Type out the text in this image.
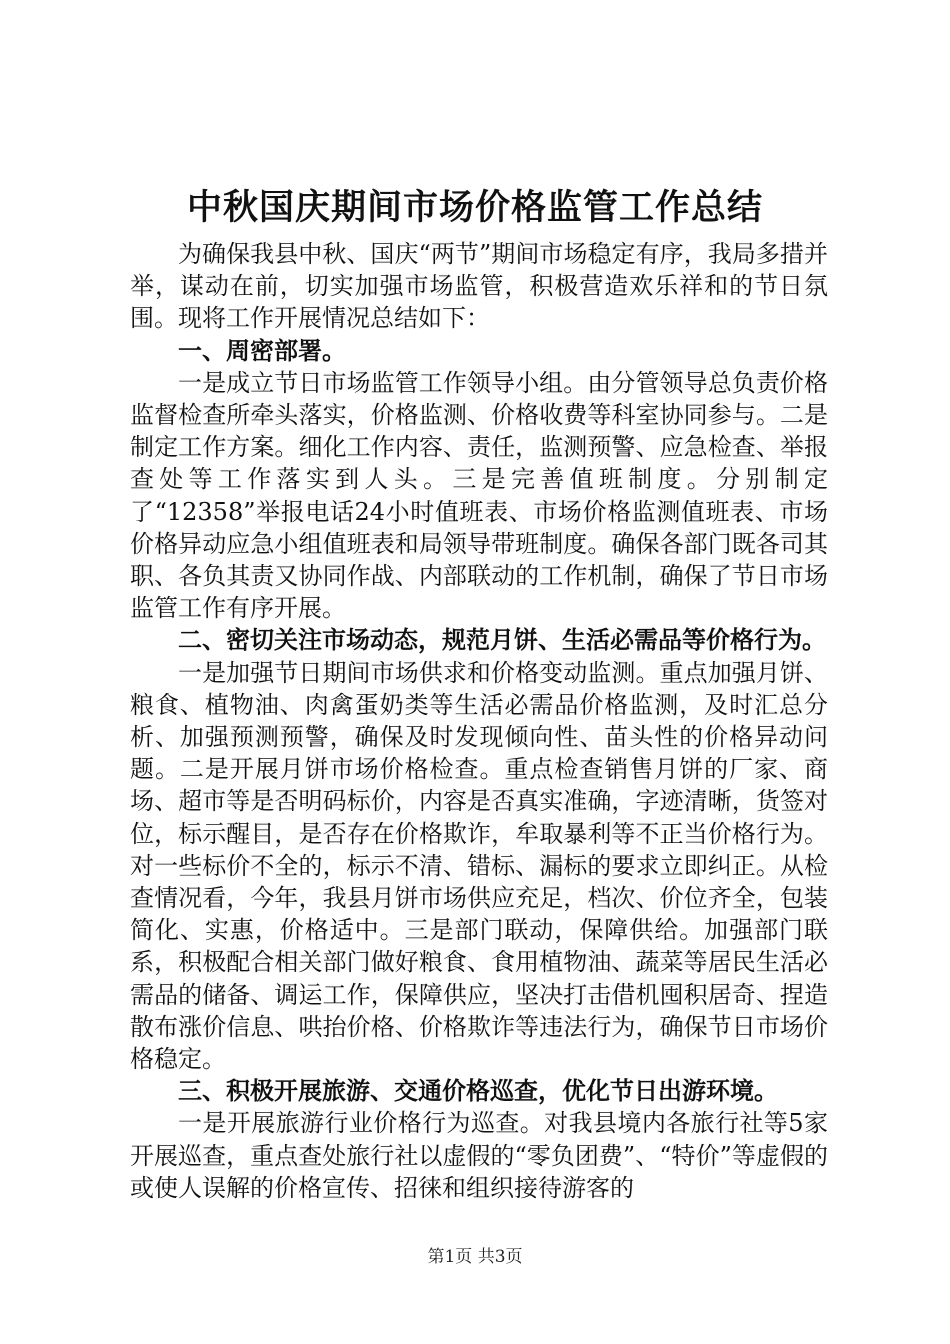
中秋国庆期间市场价格监管工作总结

为确保我县中秋、国庆“两节”期间市场稳定有序，我局多措并举，谋动在前，切实加强市场监管，积极营造欢乐祥和的节日氛围。现将工作开展情况总结如下：

一、周密部署。

一是成立节日市场监管工作领导小组。由分管领导总负责价格监督检查所牵头落实，价格监测、价格收费等科室协同参与。二是制定工作方案。细化工作内容、责任，监测预警、应急检查、举报查处等工作落实到人头。三是完善值班制度。分别制定了“12358”举报电话24小时值班表、市场价格监测值班表、市场价格异动应急小组值班表和局领导带班制度。确保各部门既各司其职、各负其责又协同作战、内部联动的工作机制，确保了节日市场监管工作有序开展。

二、密切关注市场动态，规范月饼、生活必需品等价格行为。

一是加强节日期间市场供求和价格变动监测。重点加强月饼、粮食、植物油、肉禽蛋奶类等生活必需品价格监测，及时汇总分析、加强预测预警，确保及时发现倾向性、苗头性的价格异动问题。二是开展月饼市场价格检查。重点检查销售月饼的厂家、商场、超市等是否明码标价，内容是否真实准确，字迹清晰，货签对位，标示醒目，是否存在价格欺诈，牟取暴利等不正当价格行为。对一些标价不全的，标示不清、错标、漏标的要求立即纠正。从检查情况看，今年，我县月饼市场供应充足，档次、价位齐全，包装简化、实惠，价格适中。三是部门联动，保障供给。加强部门联系，积极配合相关部门做好粮食、食用植物油、蔬菜等居民生活必需品的储备、调运工作，保障供应，坚决打击借机囤积居奇、捏造散布涨价信息、哄抬价格、价格欺诈等违法行为，确保节日市场价格稳定。

三、积极开展旅游、交通价格巡查，优化节日出游环境。

一是开展旅游行业价格行为巡查。对我县境内各旅行社等5家开展巡查，重点查处旅行社以虚假的“零负团费”、“特价”等虚假的或使人误解的价格宣传、招徕和组织接待游客的

第1页 共3页
